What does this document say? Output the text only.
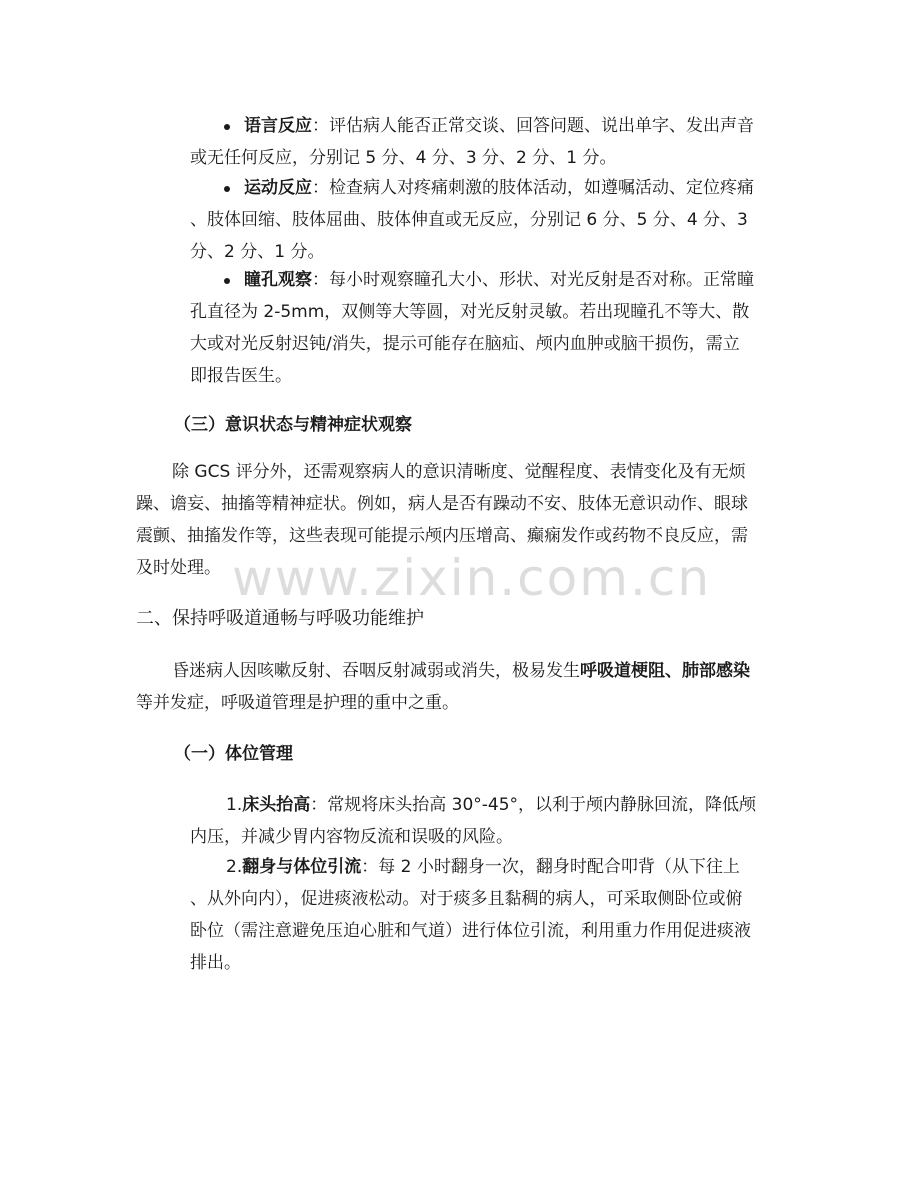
语言反应：评估病人能否正常交谈、回答问题、说出单字、发出声音
或无任何反应，分别记 5 分、4 分、3 分、2 分、1 分。
运动反应：检查病人对疼痛刺激的肢体活动，如遵嘱活动、定位疼痛
、肢体回缩、肢体屈曲、肢体伸直或无反应，分别记 6 分、5 分、4 分、3
分、2 分、1 分。
瞳孔观察：每小时观察瞳孔大小、形状、对光反射是否对称。正常瞳
孔直径为 2-5mm，双侧等大等圆，对光反射灵敏。若出现瞳孔不等大、散
大或对光反射迟钝/消失，提示可能存在脑疝、颅内血肿或脑干损伤，需立
即报告医生。
（三）意识状态与精神症状观察
除 GCS 评分外，还需观察病人的意识清晰度、觉醒程度、表情变化及有无烦
躁、谵妄、抽搐等精神症状。例如，病人是否有躁动不安、肢体无意识动作、眼球
震颤、抽搐发作等，这些表现可能提示颅内压增高、癫痫发作或药物不良反应，需
及时处理。 www.zixin.com.cn
二、保持呼吸道通畅与呼吸功能维护
昏迷病人因咳嗽反射、吞咽反射减弱或消失，极易发生呼吸道梗阻、肺部感染
等并发症，呼吸道管理是护理的重中之重。
（一）体位管理
1.床头抬高：常规将床头抬高 30°-45°，以利于颅内静脉回流，降低颅
内压，并减少胃内容物反流和误吸的风险。
2.翻身与体位引流：每 2 小时翻身一次，翻身时配合叩背（从下往上
、从外向内），促进痰液松动。对于痰多且黏稠的病人，可采取侧卧位或俯
卧位（需注意避免压迫心脏和气道）进行体位引流，利用重力作用促进痰液
排出。
